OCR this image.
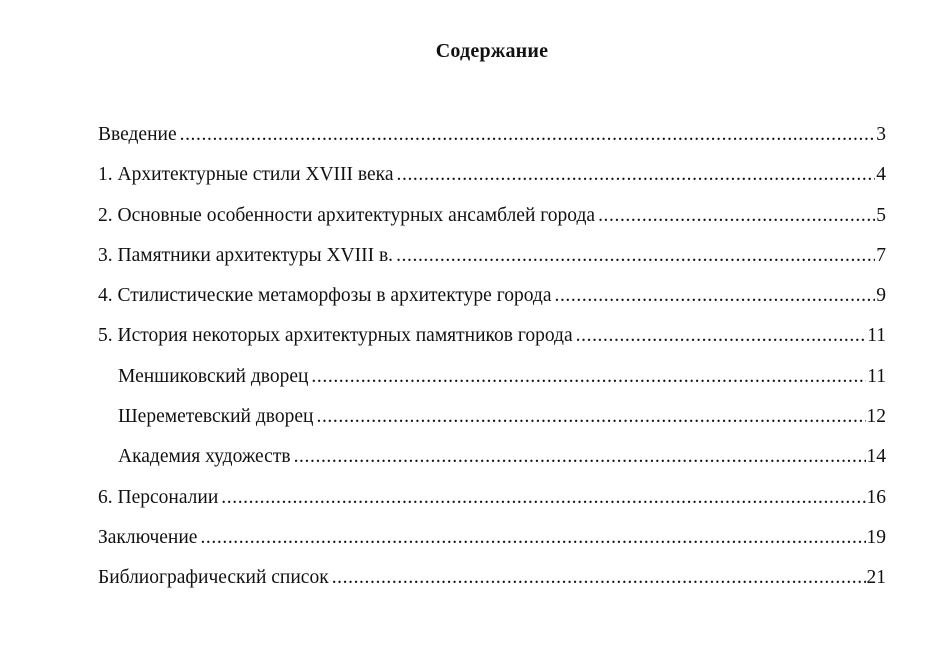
Содержание
Введение .....	3
1. Архитектурные стили XVIII века .....	4
2. Основные особенности архитектурных ансамблей города .....	5
3. Памятники архитектуры XVIII в. .....	7
4. Стилистические метаморфозы в архитектуре города .....	9
5. История некоторых архитектурных памятников города .....	11
Меншиковский дворец .....	11
Шереметевский дворец .....	12
Академия художеств .....	14
6. Персоналии .....	16
Заключение .....	19
Библиографический список .....	21
